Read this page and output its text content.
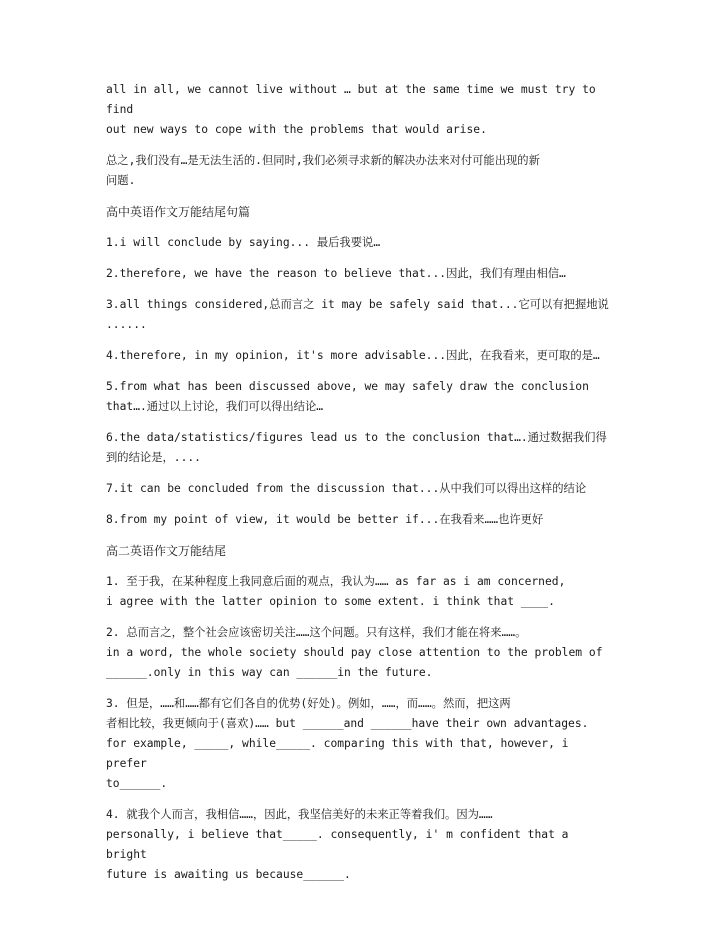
all in all, we cannot live without … but at the same time we must try to find
out new ways to cope with the problems that would arise.

总之,我们没有…是无法生活的.但同时,我们必须寻求新的解决办法来对付可能出现的新
问题.

高中英语作文万能结尾句篇

1.i will conclude by saying... 最后我要说…

2.therefore, we have the reason to believe that...因此，我们有理由相信…

3.all things considered,总而言之 it may be safely said that...它可以有把握地说
......

4.therefore, in my opinion, it's more advisable...因此，在我看来，更可取的是…

5.from what has been discussed above, we may safely draw the conclusion
that….通过以上讨论，我们可以得出结论…

6.the data/statistics/figures lead us to the conclusion that….通过数据我们得
到的结论是，....

7.it can be concluded from the discussion that...从中我们可以得出这样的结论

8.from my point of view, it would be better if...在我看来……也许更好

高二英语作文万能结尾

1. 至于我，在某种程度上我同意后面的观点，我认为…… as far as i am concerned,
i agree with the latter opinion to some extent. i think that ____.

2. 总而言之，整个社会应该密切关注……这个问题。只有这样，我们才能在将来……。
in a word, the whole society should pay close attention to the problem of
______.only in this way can ______in the future.

3. 但是，……和……都有它们各自的优势(好处)。例如，……，而……。然而，把这两
者相比较，我更倾向于(喜欢)…… but ______and ______have their own advantages.
for example, _____, while_____. comparing this with that, however, i prefer
to______.

4. 就我个人而言，我相信……，因此，我坚信美好的未来正等着我们。因为……
personally, i believe that_____. consequently, i' m confident that a bright
future is awaiting us because______.
